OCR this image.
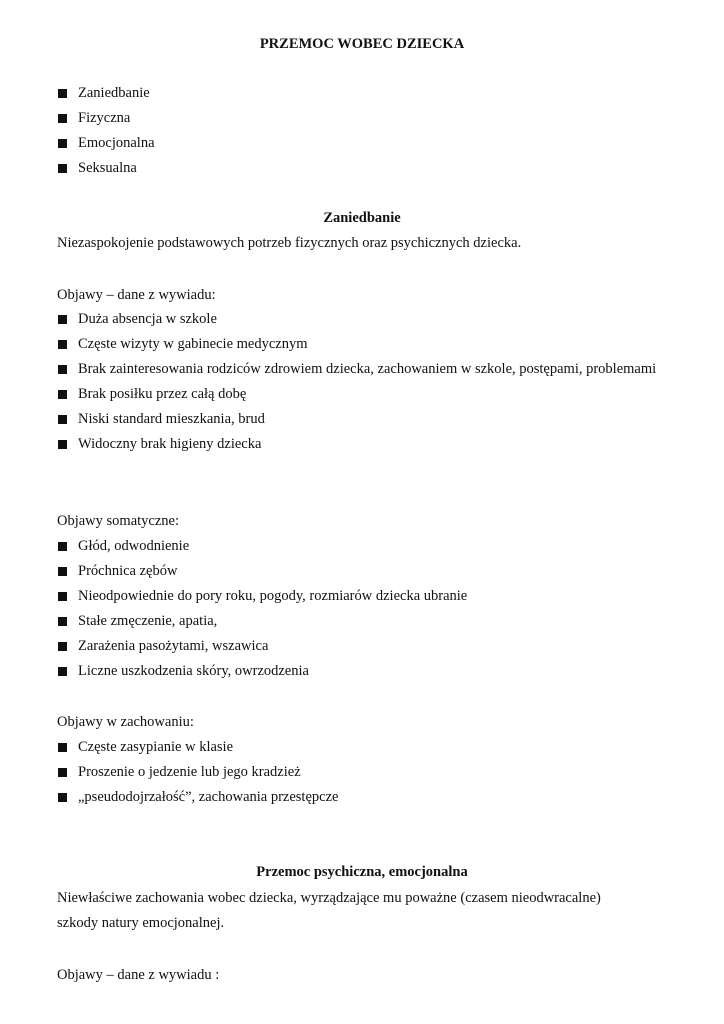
PRZEMOC WOBEC DZIECKA
Zaniedbanie
Fizyczna
Emocjonalna
Seksualna
Zaniedbanie

Niezaspokojenie podstawowych potrzeb fizycznych oraz psychicznych dziecka.

Objawy – dane z wywiadu:

Duża absencja w szkole
Częste wizyty w gabinecie medycznym
Brak zainteresowania rodziców zdrowiem dziecka, zachowaniem w szkole, postępami, problemami
Brak posiłku przez całą dobę
Niski standard mieszkania, brud
Widoczny brak higieny dziecka

Objawy somatyczne:

Głód, odwodnienie
Próchnica zębów
Nieodpowiednie do pory roku, pogody, rozmiarów dziecka ubranie
Stałe zmęczenie, apatia,
Zarażenia pasożytami, wszawica
Liczne uszkodzenia skóry, owrzodzenia

Objawy w zachowaniu:

Częste zasypianie w klasie
Proszenie o jedzenie lub jego kradzież
„pseudodojrzałość”, zachowania przestępcze
Przemoc psychiczna, emocjonalna

Niewłaściwe zachowania wobec dziecka, wyrządzające mu poważne (czasem nieodwracalne)

szkody natury emocjonalnej.

Objawy – dane z wywiadu :
